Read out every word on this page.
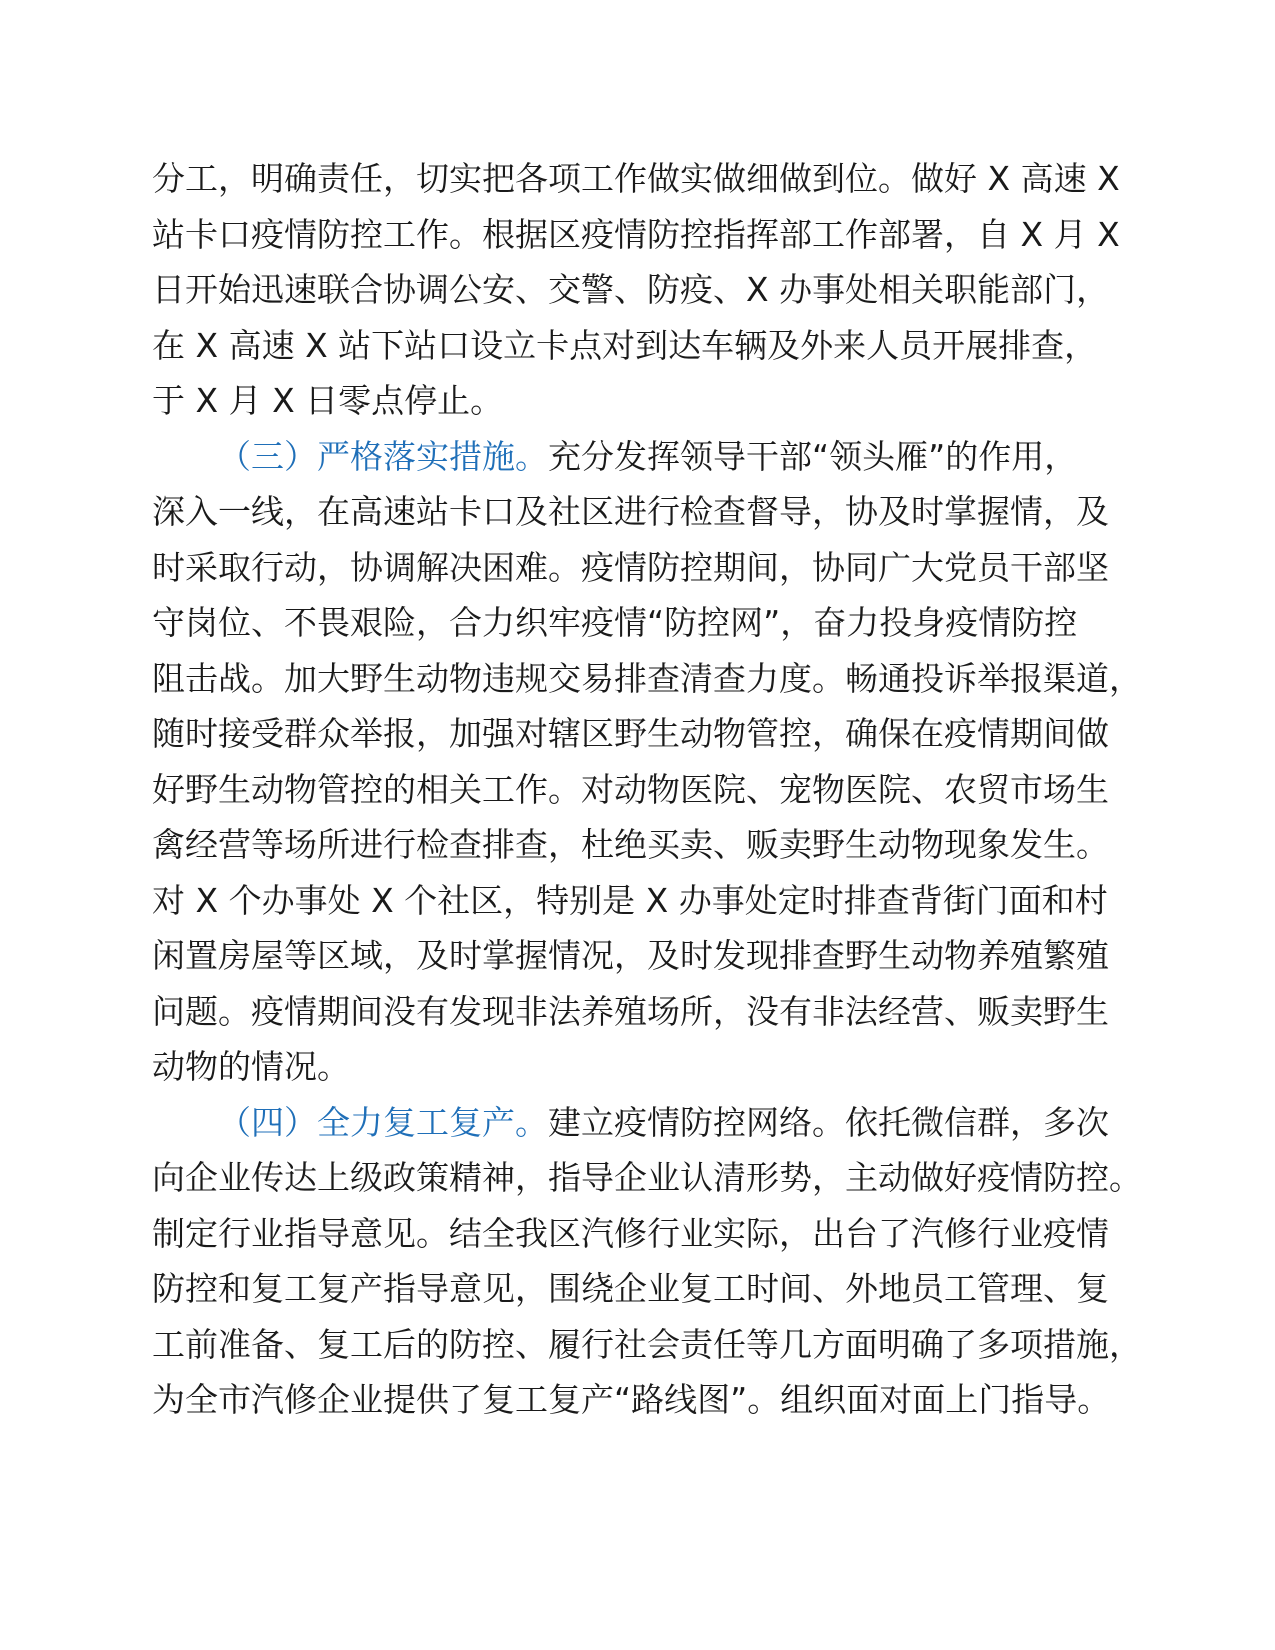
分工，明确责任，切实把各项工作做实做细做到位。做好 X 高速 X
站卡口疫情防控工作。根据区疫情防控指挥部工作部署，自 X 月 X
日开始迅速联合协调公安、交警、防疫、X 办事处相关职能部门，
在 X 高速 X 站下站口设立卡点对到达车辆及外来人员开展排查，
于 X 月 X 日零点停止。
（三）严格落实措施。充分发挥领导干部“领头雁”的作用，
深入一线，在高速站卡口及社区进行检查督导，协及时掌握情，及
时采取行动，协调解决困难。疫情防控期间，协同广大党员干部坚
守岗位、不畏艰险，合力织牢疫情“防控网”，奋力投身疫情防控
阻击战。加大野生动物违规交易排查清查力度。畅通投诉举报渠道，
随时接受群众举报，加强对辖区野生动物管控，确保在疫情期间做
好野生动物管控的相关工作。对动物医院、宠物医院、农贸市场生
禽经营等场所进行检查排查，杜绝买卖、贩卖野生动物现象发生。
对 X 个办事处 X 个社区，特别是 X 办事处定时排查背街门面和村
闲置房屋等区域，及时掌握情况，及时发现排查野生动物养殖繁殖
问题。疫情期间没有发现非法养殖场所，没有非法经营、贩卖野生
动物的情况。
（四）全力复工复产。建立疫情防控网络。依托微信群，多次
向企业传达上级政策精神，指导企业认清形势，主动做好疫情防控。
制定行业指导意见。结全我区汽修行业实际，出台了汽修行业疫情
防控和复工复产指导意见，围绕企业复工时间、外地员工管理、复
工前准备、复工后的防控、履行社会责任等几方面明确了多项措施，
为全市汽修企业提供了复工复产“路线图”。组织面对面上门指导。
